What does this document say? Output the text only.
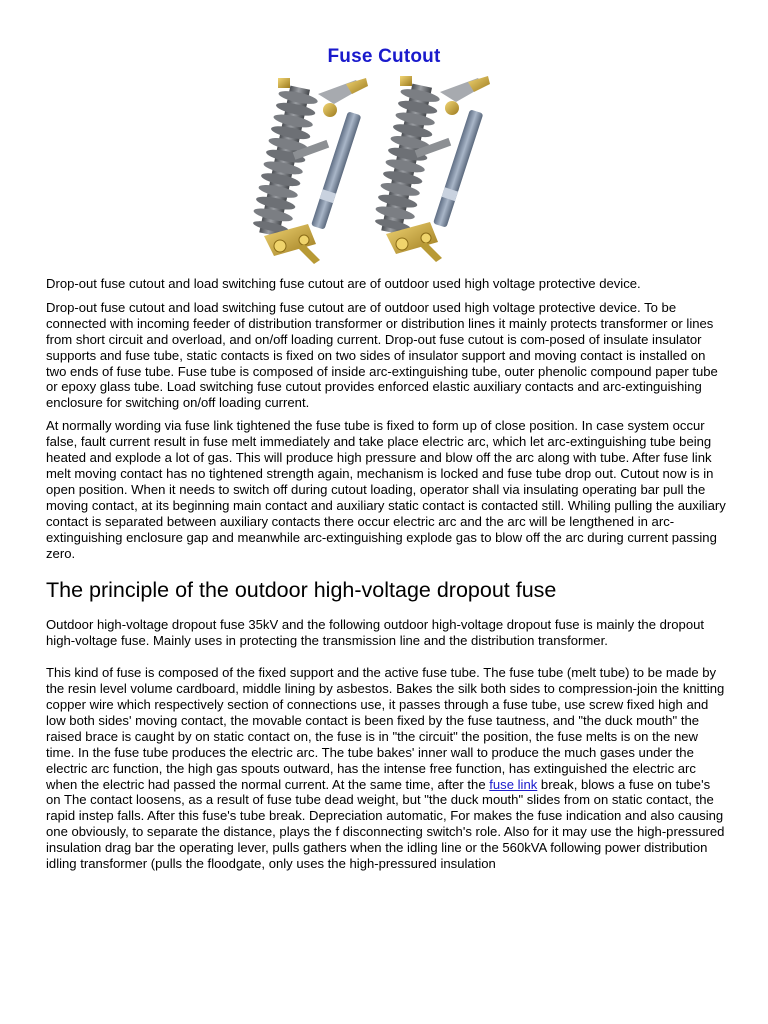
Fuse Cutout

Drop-out fuse cutout and load switching fuse cutout are of outdoor used high voltage protective device.

Drop-out fuse cutout and load switching fuse cutout are of outdoor used high voltage protective device. To be connected with incoming feeder of distribution transformer or distribution lines it mainly protects transformer or lines from short circuit and overload, and on/off loading current. Drop-out fuse cutout is com-posed of insulate insulator supports and fuse tube, static contacts is fixed on two sides of insulator support and moving contact is installed on two ends of fuse tube. Fuse tube is composed of inside arc-extinguishing tube, outer phenolic compound paper tube or epoxy glass tube. Load switching fuse cutout provides enforced elastic auxiliary contacts and arc-extinguishing enclosure for switching on/off loading current.

At normally wording via fuse link tightened the fuse tube is fixed to form up of close position. In case system occur false, fault current result in fuse melt immediately and take place electric arc, which let arc-extinguishing tube being heated and explode a lot of gas. This will produce high pressure and blow off the arc along with tube. After fuse link melt moving contact has no tightened strength again, mechanism is locked and fuse tube drop out. Cutout now is in open position. When it needs to switch off during cutout loading, operator shall via insulating operating bar pull the moving contact, at its beginning main contact and auxiliary static contact is contacted still. Whiling pulling the auxiliary contact is separated between auxiliary contacts there occur electric arc and the arc will be lengthened in arc-extinguishing enclosure gap and meanwhile arc-extinguishing explode gas to blow off the arc during current passing zero.

The principle of the outdoor high-voltage dropout fuse

Outdoor high-voltage dropout fuse 35kV and the following outdoor high-voltage dropout fuse is mainly the dropout high-voltage fuse. Mainly uses in protecting the transmission line and the distribution transformer.

This kind of fuse is composed of the fixed support and the active fuse tube. The fuse tube (melt tube) to be made by the resin level volume cardboard, middle lining by asbestos. Bakes the silk both sides to compression-join the knitting copper wire which respectively section of connections use, it passes through a fuse tube, use screw fixed high and low both sides' moving contact, the movable contact is been fixed by the fuse tautness, and "the duck mouth" the raised brace is caught by on static contact on, the fuse is in "the circuit" the position, the fuse melts is on the new time. In the fuse tube produces the electric arc. The tube bakes' inner wall to produce the much gases under the electric arc function, the high gas spouts outward, has the intense free function, has extinguished the electric arc when the electric had passed the normal current. At the same time, after the fuse link break, blows a fuse on tube's on The contact loosens, as a result of fuse tube dead weight, but "the duck mouth" slides from on static contact, the rapid instep falls. After this fuse's tube break. Depreciation automatic, For makes the fuse indication and also causing one obviously, to separate the distance, plays the f disconnecting switch's role. Also for it may use the high-pressured insulation drag bar the operating lever, pulls gathers when the idling line or the 560kVA following power distribution idling transformer (pulls the floodgate, only uses the high-pressured insulation
